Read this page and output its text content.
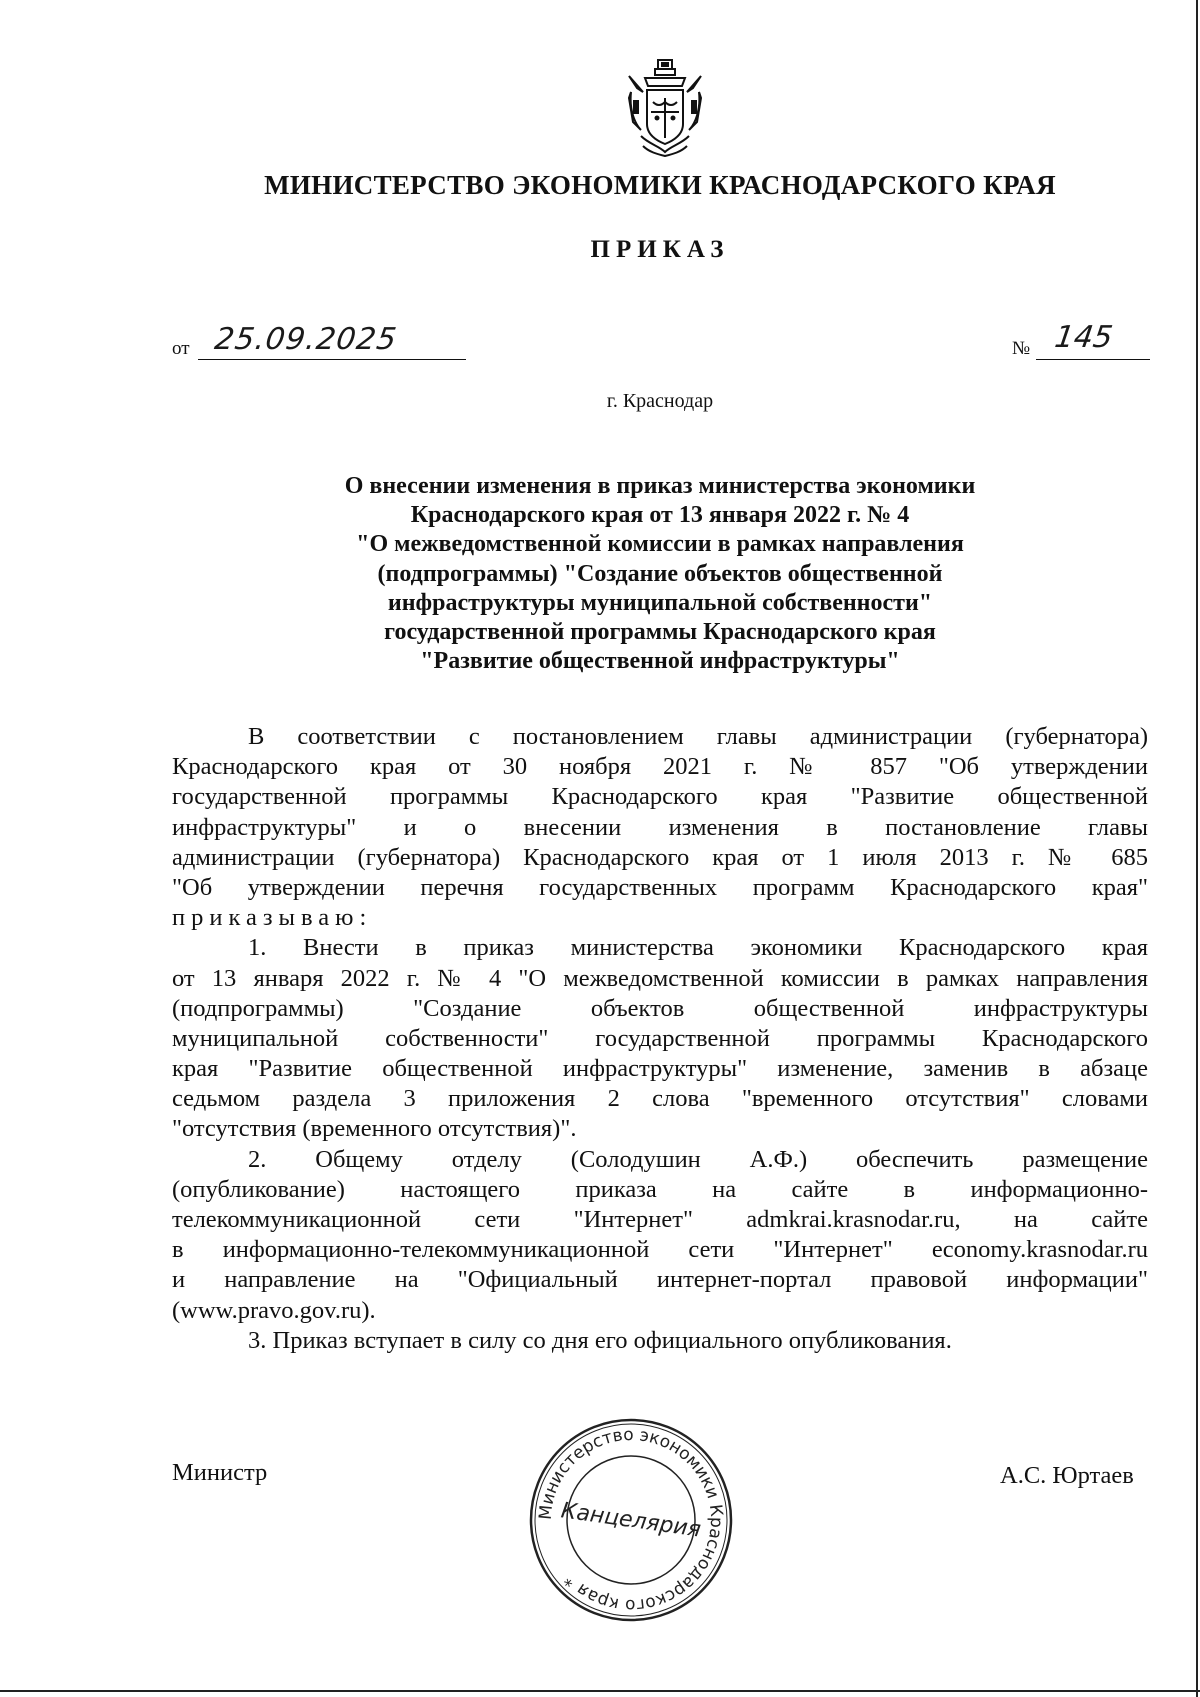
МИНИСТЕРСТВО ЭКОНОМИКИ КРАСНОДАРСКОГО КРАЯ
ПРИКАЗ
от 25.09.2025	№ 145
г. Краснодар
О внесении изменения в приказ министерства экономики
Краснодарского края от 13 января 2022 г. № 4
"О межведомственной комиссии в рамках направления
(подпрограммы) "Создание объектов общественной
инфраструктуры муниципальной собственности"
государственной программы Краснодарского края
"Развитие общественной инфраструктуры"
В соответствии с постановлением главы администрации (губернатора)
Краснодарского края от 30 ноября 2021 г. № 857 "Об утверждении
государственной программы Краснодарского края "Развитие общественной
инфраструктуры" и о внесении изменения в постановление главы
администрации (губернатора) Краснодарского края от 1 июля 2013 г. № 685
"Об утверждении перечня государственных программ Краснодарского края"
приказываю:
1. Внести в приказ министерства экономики Краснодарского края
от 13 января 2022 г. № 4 "О межведомственной комиссии в рамках направления
(подпрограммы) "Создание объектов общественной инфраструктуры
муниципальной собственности" государственной программы Краснодарского
края "Развитие общественной инфраструктуры" изменение, заменив в абзаце
седьмом раздела 3 приложения 2 слова "временного отсутствия" словами
"отсутствия (временного отсутствия)".
2. Общему отделу (Солодушин А.Ф.) обеспечить размещение
(опубликование) настоящего приказа на сайте в информационно-
телекоммуникационной сети "Интернет" admkrai.krasnodar.ru, на сайте
в информационно-телекоммуникационной сети "Интернет" economy.krasnodar.ru
и направление на "Официальный интернет-портал правовой информации"
(www.pravo.gov.ru).
3. Приказ вступает в силу со дня его официального опубликования.
Министр	А.С. Юртаев
Министерство экономики Краснодарского края *
Канцелярия
